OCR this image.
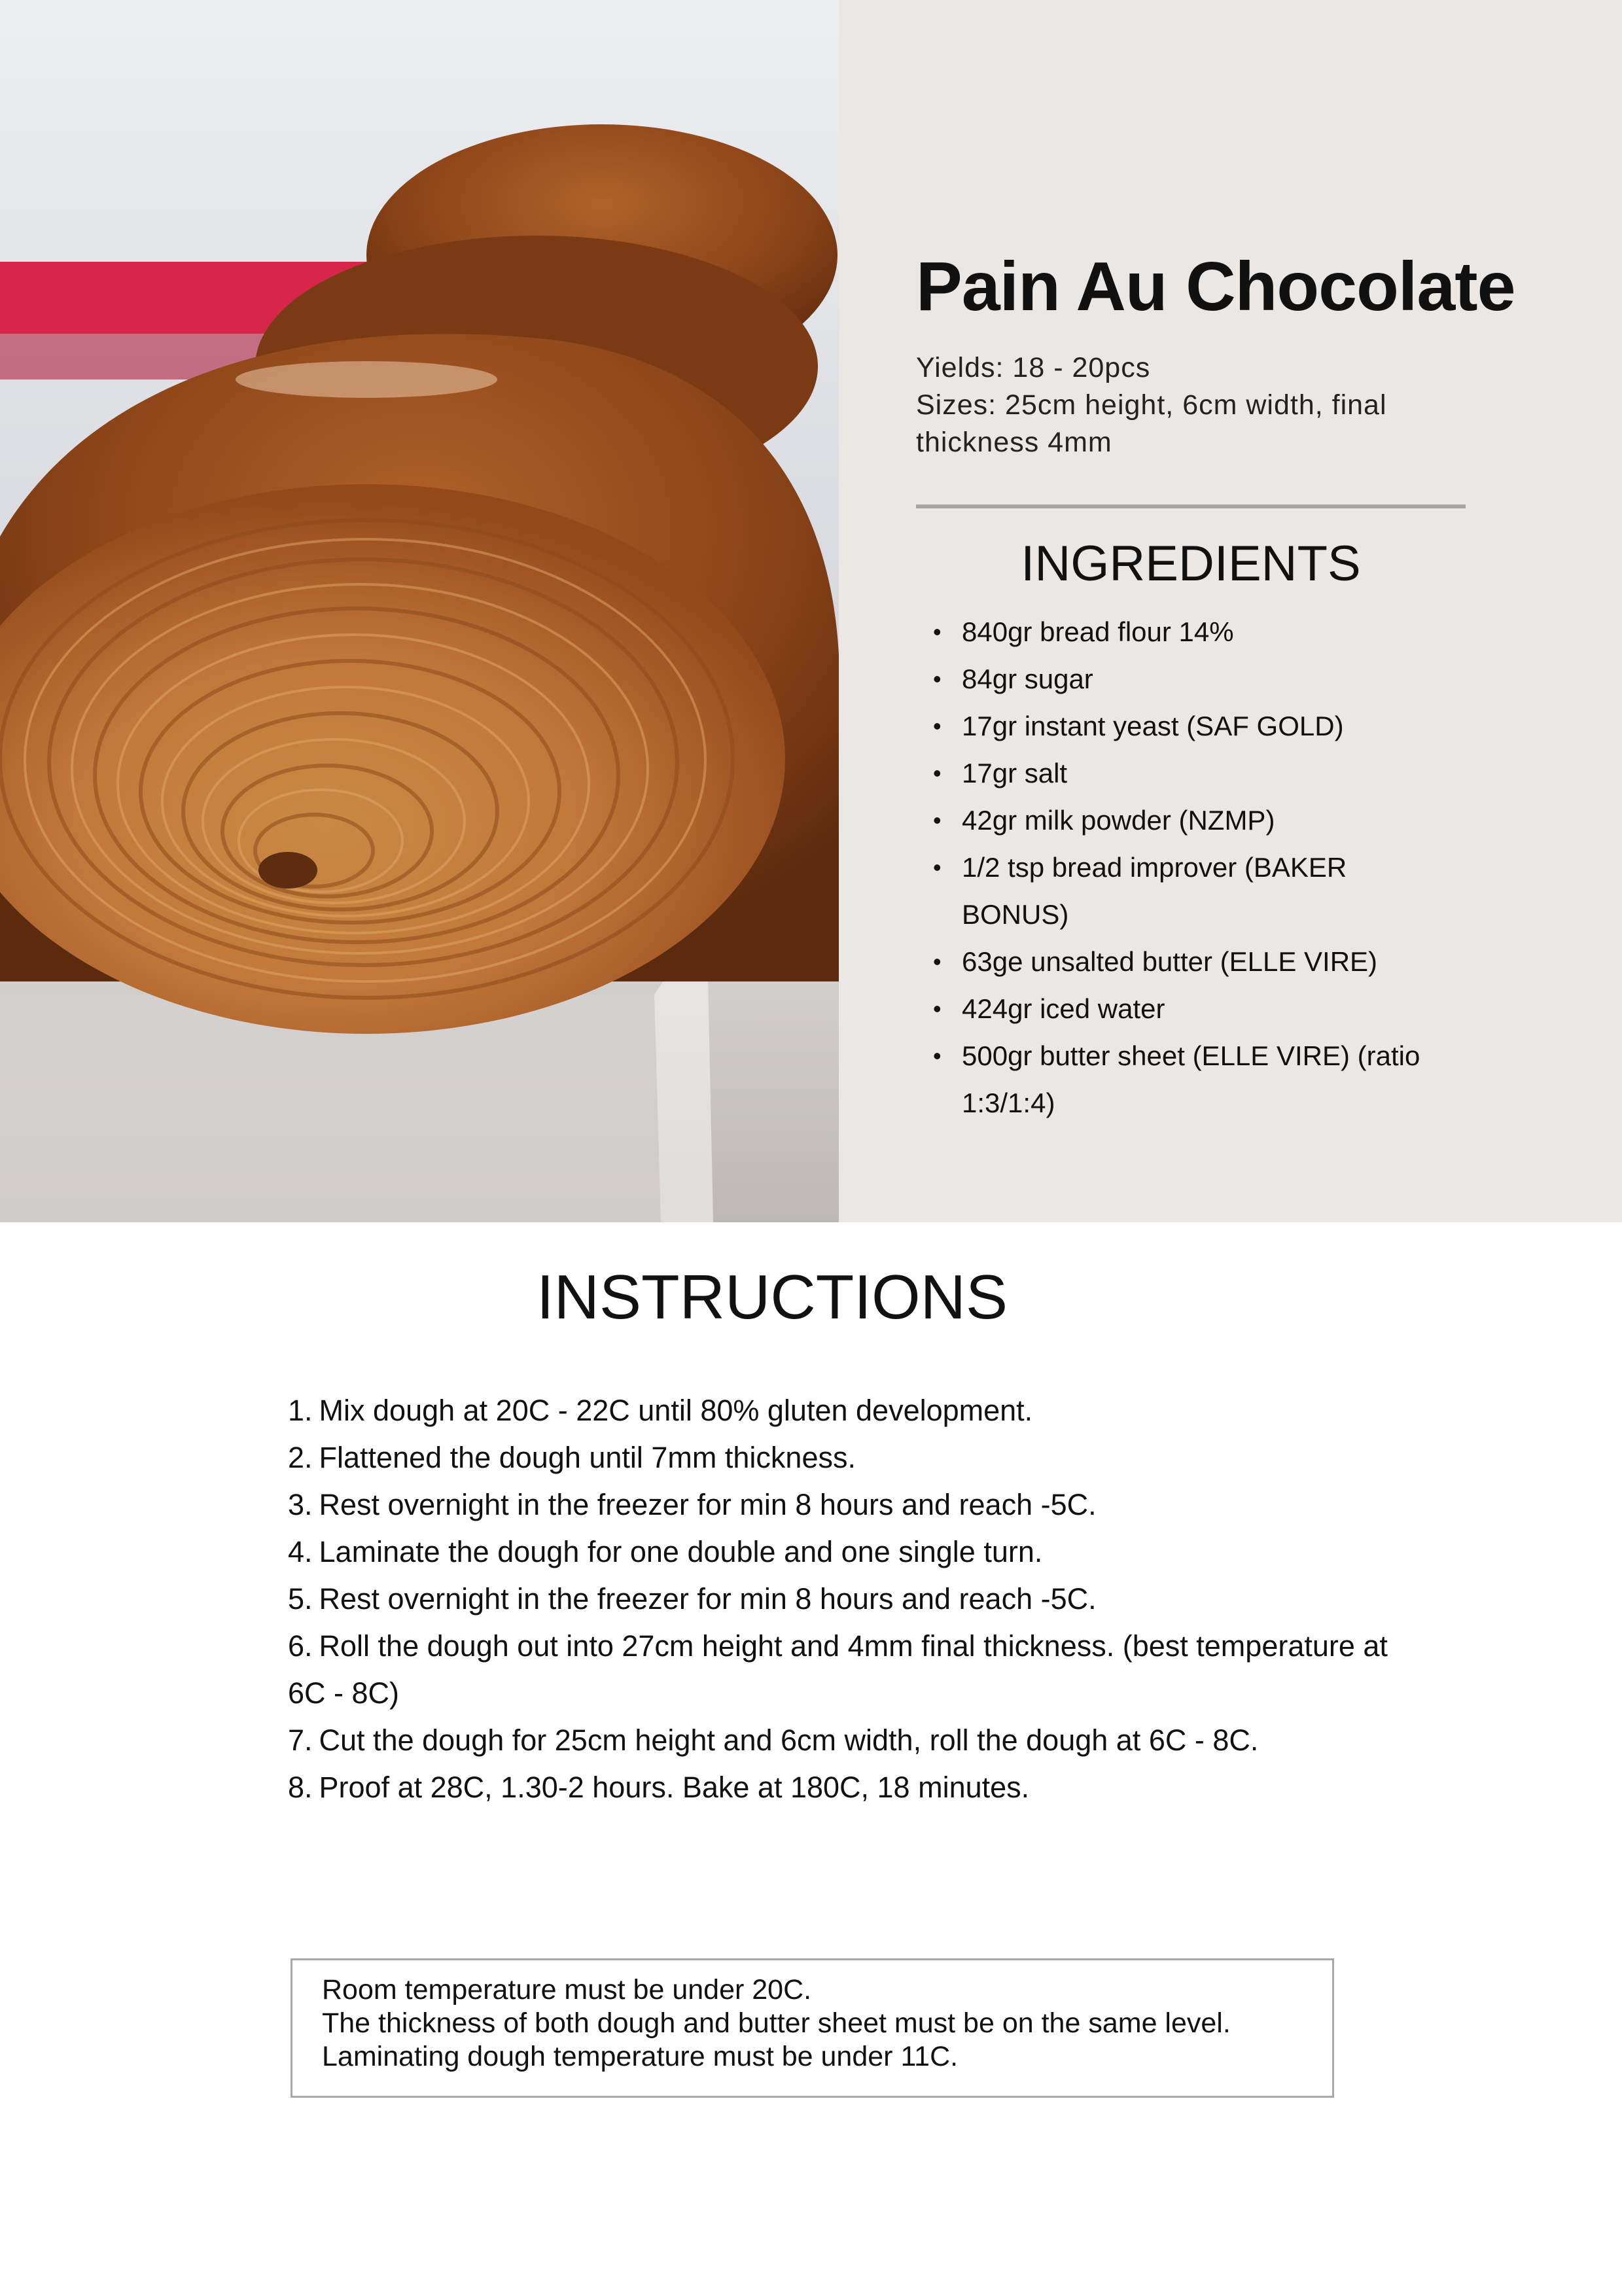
Pain Au Chocolate
Yields: 18 - 20pcs
Sizes: 25cm height, 6cm width, final thickness 4mm
INGREDIENTS
• 840gr bread flour 14%
• 84gr sugar
• 17gr instant yeast (SAF GOLD)
• 17gr salt
• 42gr milk powder (NZMP)
• 1/2 tsp bread improver (BAKER BONUS)
• 63ge unsalted butter (ELLE VIRE)
• 424gr iced water
• 500gr butter sheet (ELLE VIRE) (ratio 1:3/1:4)
INSTRUCTIONS
1. Mix dough at 20C - 22C until 80% gluten development.
2. Flattened the dough until 7mm thickness.
3. Rest overnight in the freezer for min 8 hours and reach -5C.
4. Laminate the dough for one double and one single turn.
5. Rest overnight in the freezer for min 8 hours and reach -5C.
6. Roll the dough out into 27cm height and 4mm final thickness. (best temperature at 6C - 8C)
7. Cut the dough for 25cm height and 6cm width, roll the dough at 6C - 8C.
8. Proof at 28C, 1.30-2 hours. Bake at 180C, 18 minutes.
Room temperature must be under 20C.
The thickness of both dough and butter sheet must be on the same level.
Laminating dough temperature must be under 11C.
